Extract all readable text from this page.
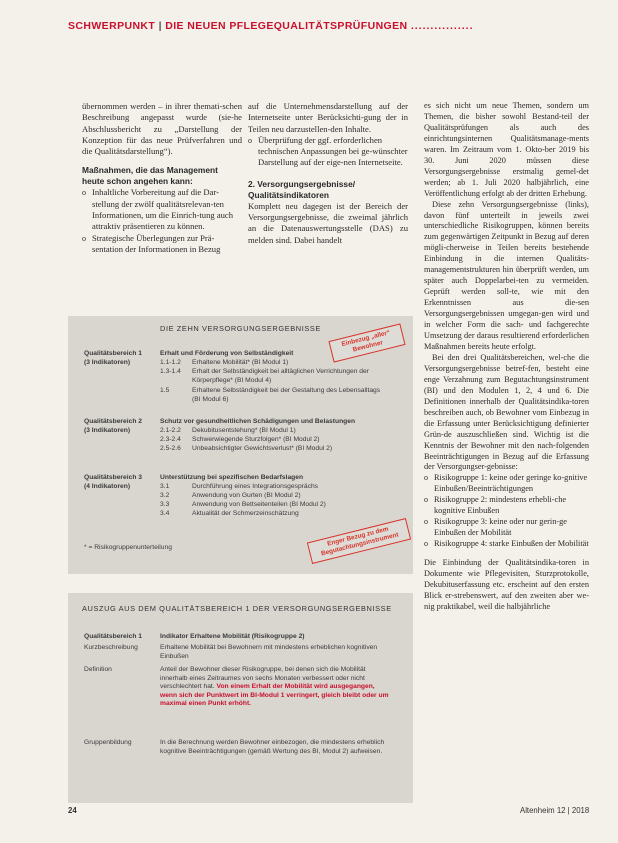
SCHWERPUNKT | DIE NEUEN PFLEGEQUALITÄTSPRÜFUNGEN ................

übernommen werden – in ihrer themati-schen Beschreibung angepasst wurde (sie-he Abschlussbericht zu „Darstellung der Konzeption für das neue Prüfverfahren und die Qualitätsdarstellung“).

Maßnahmen, die das Management heute schon angehen kann:

o Inhaltliche Vorbereitung auf die Dar-stellung der zwölf qualitätsrelevan-ten Informationen, um die Einrich-tung auch attraktiv präsentieren zu können.
o Strategische Überlegungen zur Prä-sentation der Informationen in Bezug

auf die Unternehmensdarstellung auf der Internetseite unter Berücksichti-gung der in Teilen neu darzustellen-den Inhalte.

o Überprüfung der ggf. erforderlichen technischen Anpassungen bei ge-wünschter Darstellung auf der eige-nen Internetseite.

2. Versorgungsergebnisse/ Qualitätsindikatoren

Komplett neu dagegen ist der Bereich der Versorgungsergebnisse, die zweimal jährlich an die Datenauswertungsstelle (DAS) zu melden sind. Dabei handelt

es sich nicht um neue Themen, sondern um Themen, die bisher sowohl Bestand-teil der Qualitätsprüfungen als auch des einrichtungsinternen Qualitätsmanage-ments waren. Im Zeitraum vom 1. Okto-ber 2019 bis 30. Juni 2020 müssen diese Versorgungsergebnisse erstmalig gemel-det werden; ab 1. Juli 2020 halbjährlich, eine Veröffentlichung erfolgt ab der dritten Erhebung.

Diese zehn Versorgungsergebnisse (links), davon fünf unterteilt in jeweils zwei unterschiedliche Risikogruppen, können bereits zum gegenwärtigen Zeitpunkt in Bezug auf deren mögli-cherweise in Teilen bereits bestehende Einbindung in die internen Qualitäts-managementstrukturen hin überprüft werden, um später auch Doppelarbei-ten zu vermeiden. Geprüft werden soll-te, wie mit den Erkenntnissen aus die-sen Versorgungsergebnissen umgegan-gen wird und in welcher Form die sach- und fachgerechte Umsetzung der daraus resultierend erforderlichen Maßnahmen bereits heute erfolgt.

Bei den drei Qualitätsbereichen, wel-che die Versorgungsergebnisse betref-fen, besteht eine enge Verzahnung zum Begutachtungsinstrument (BI) und den Modulen 1, 2, 4 und 6. Die Definitionen innerhalb der Qualitätsindika-toren beschreiben auch, ob Bewohner vom Einbezug in die Erfassung unter Berücksichtigung definierter Grün-de auszuschließen sind. Wichtig ist die Kenntnis der Bewohner mit den nach-folgenden Beeinträchtigungen in Bezug auf die Erfassung der Versorgungser-gebnisse:

o Risikogruppe 1: keine oder geringe ko-gnitive Einbußen/Beeinträchtigungen
o Risikogruppe 2: mindestens erhebli-che kognitive Einbußen
o Risikogruppe 3: keine oder nur gerin-ge Einbußen der Mobilität
o Risikogruppe 4: starke Einbußen der Mobilität

Die Einbindung der Qualitätsindika-toren in Dokumente wie Pflegevisiten, Sturzprotokolle, Dekubituserfassung etc. erscheint auf den ersten Blick er-strebenswert, auf den zweiten aber we-nig praktikabel, weil die halbjährliche

DIE ZEHN VERSORGUNGSERGEBNISSE
Einbezug „aller“ Bewohner
Qualitätsbereich 1
(3 Indikatoren)
Erhalt und Förderung von Selbständigkeit
1.1-1.2	Erhaltene Mobilität* (BI Modul 1)
1.3-1.4	Erhalt der Selbständigkeit bei alltäglichen Verrichtungen der Körperpflege* (BI Modul 4)
1.5	Erhaltene Selbständigkeit bei der Gestaltung des Lebensalltags (BI Modul 6)
Qualitätsbereich 2
(3 Indikatoren)
Schutz vor gesundheitlichen Schädigungen und Belastungen
2.1-2.2	Dekubitusentstehung* (BI Modul 1)
2.3-2.4	Schwerwiegende Sturzfolgen* (BI Modul 2)
2.5-2.6	Unbeabsichtigter Gewichtsverlust* (BI Modul 2)
Qualitätsbereich 3
(4 Indikatoren)
Unterstützung bei spezifischen Bedarfslagen
3.1	Durchführung eines Integrationsgesprächs
3.2	Anwendung von Gurten (BI Modul 2)
3.3	Anwendung von Bettseitenteilen (BI Modul 2)
3.4	Aktualität der Schmerzeinschätzung
Enger Bezug zu dem Begutachtungsinstrument
* = Risikogruppenunterteilung
AUSZUG AUS DEM QUALITÄTSBEREICH 1 DER VERSORGUNGSERGEBNISSE
Qualitätsbereich 1	Indikator Erhaltene Mobilität (Risikogruppe 2)
Kurzbeschreibung	Erhaltene Mobilität bei Bewohnern mit mindestens erheblichen kognitiven Einbußen
Definition	Anteil der Bewohner dieser Risikogruppe, bei denen sich die Mobilität innerhalb eines Zeitraumes von sechs Monaten verbessert oder nicht verschlechtert hat. Von einem Erhalt der Mobilität wird ausgegangen, wenn sich der Punktwert im BI-Modul 1 verringert, gleich bleibt oder um maximal einen Punkt erhöht.
Gruppenbildung	In die Berechnung werden Bewohner einbezogen, die mindestens erheblich kognitive Beeinträchtigungen (gemäß Wertung des BI, Modul 2) aufweisen.
24	Altenheim 12 | 2018
